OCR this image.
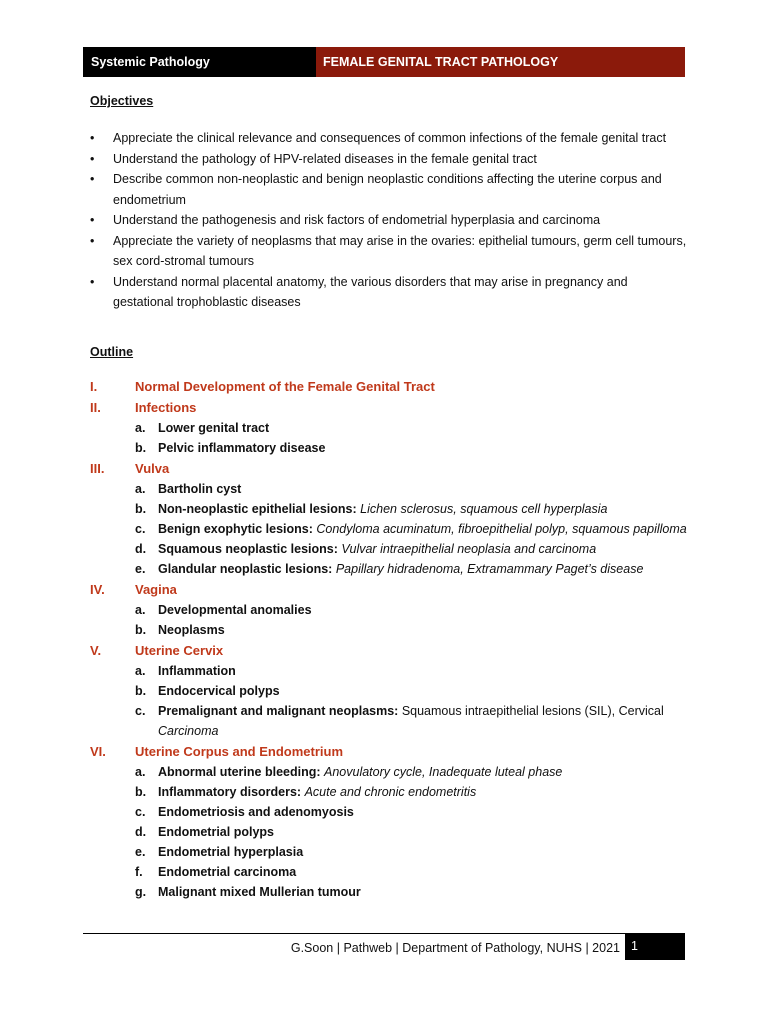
Systemic Pathology	FEMALE GENITAL TRACT PATHOLOGY
Objectives
• Appreciate the clinical relevance and consequences of common infections of the female genital tract
• Understand the pathology of HPV-related diseases in the female genital tract
• Describe common non-neoplastic and benign neoplastic conditions affecting the uterine corpus and endometrium
• Understand the pathogenesis and risk factors of endometrial hyperplasia and carcinoma
• Appreciate the variety of neoplasms that may arise in the ovaries: epithelial tumours, germ cell tumours, sex cord-stromal tumours
• Understand normal placental anatomy, the various disorders that may arise in pregnancy and gestational trophoblastic diseases
Outline
I.	Normal Development of the Female Genital Tract
II.	Infections
a. Lower genital tract
b. Pelvic inflammatory disease
III. Vulva
a. Bartholin cyst
b. Non-neoplastic epithelial lesions: Lichen sclerosus, squamous cell hyperplasia
c. Benign exophytic lesions: Condyloma acuminatum, fibroepithelial polyp, squamous papilloma
d. Squamous neoplastic lesions: Vulvar intraepithelial neoplasia and carcinoma
e. Glandular neoplastic lesions: Papillary hidradenoma, Extramammary Paget’s disease
IV. Vagina
a. Developmental anomalies
b. Neoplasms
V.	Uterine Cervix
a. Inflammation
b. Endocervical polyps
c. Premalignant and malignant neoplasms: Squamous intraepithelial lesions (SIL), Cervical
Carcinoma
VI. Uterine Corpus and Endometrium
a. Abnormal uterine bleeding: Anovulatory cycle, Inadequate luteal phase
b. Inflammatory disorders: Acute and chronic endometritis
c. Endometriosis and adenomyosis
d. Endometrial polyps
e. Endometrial hyperplasia
f. Endometrial carcinoma
g. Malignant mixed Mullerian tumour
G.Soon | Pathweb | Department of Pathology, NUHS | 2021 1
